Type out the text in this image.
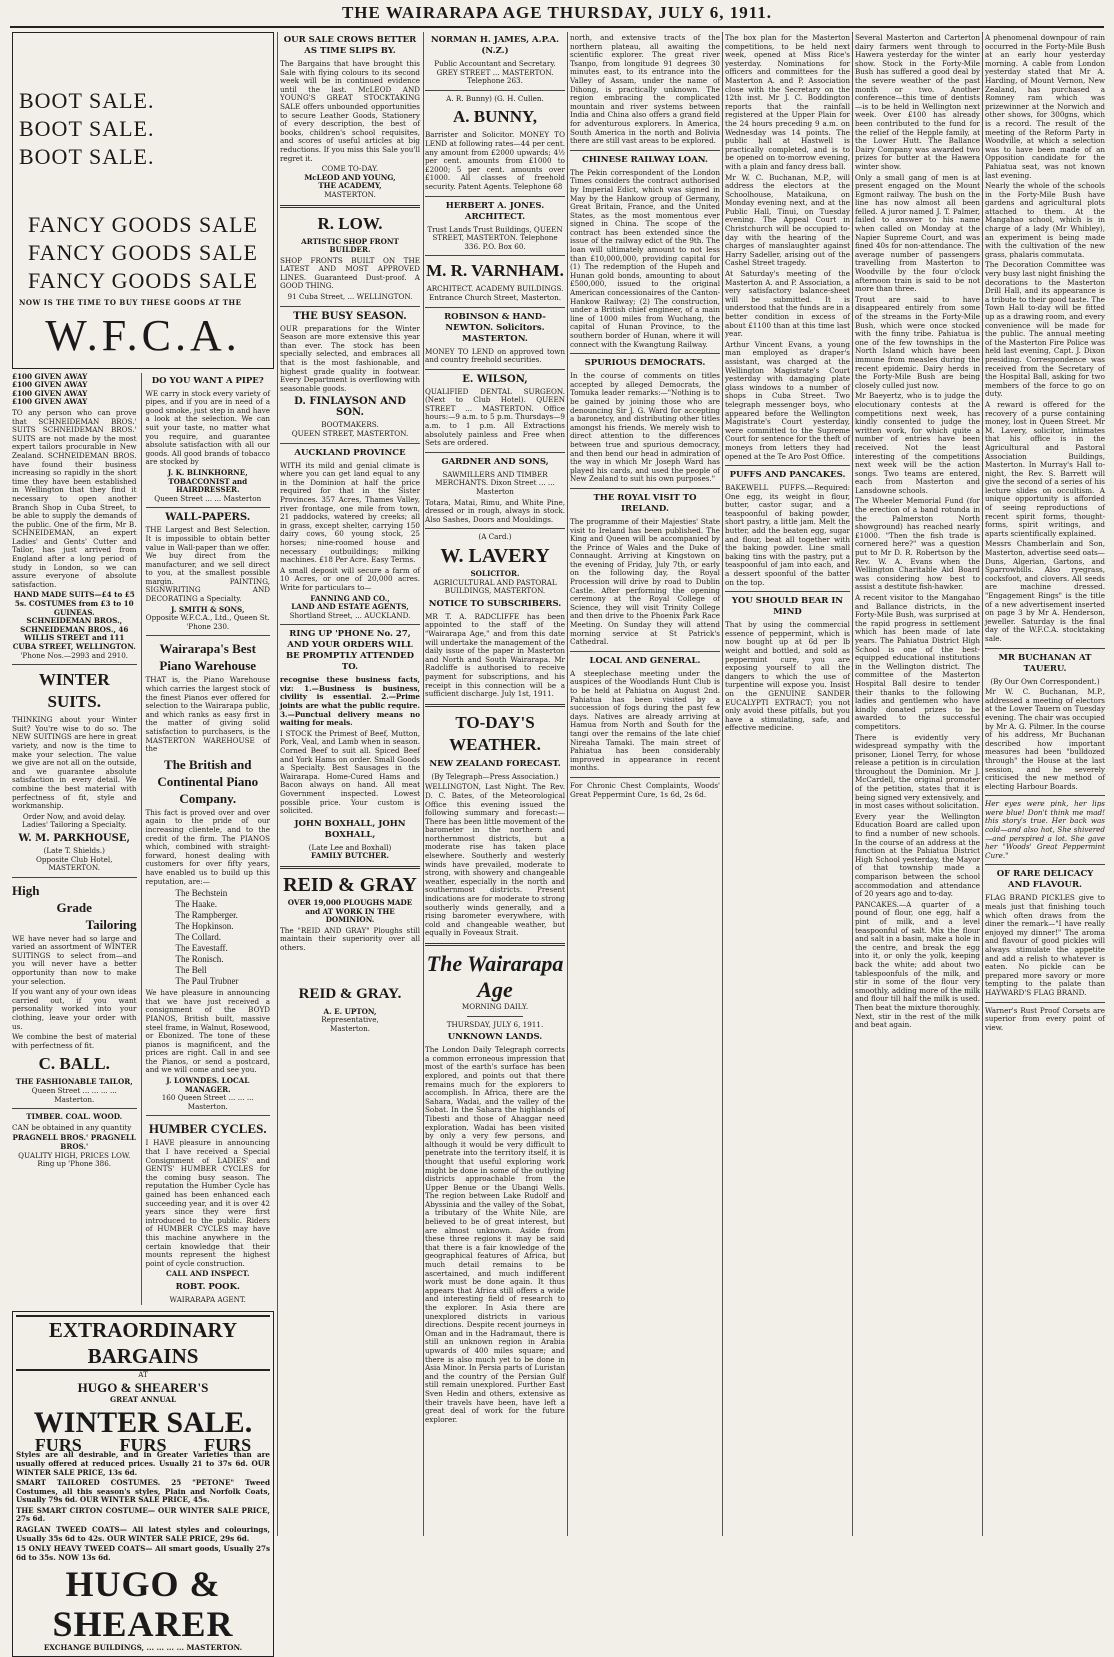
THE WAIRARAPA AGE THURSDAY, JULY 6, 1911.
BOOT SALE.
BOOT SALE.
BOOT SALE.
FANCY GOODS SALE
FANCY GOODS SALE
FANCY GOODS SALE
NOW IS THE TIME TO BUY THESE GOODS AT THE
W.F.C.A.
£100 GIVEN AWAY
£100 GIVEN AWAY
£100 GIVEN AWAY
£100 GIVEN AWAY
TO any person who can prove that SCHNEIDEMAN BROS.' SUITS SCHNEIDEMAN BROS.' SUITS are not made by the most expert tailors procurable in New Zealand. SCHNEIDEMAN BROS. have found their business increasing so rapidly in the short time they have been established in Wellington that they find it necessary to open another Branch Shop in Cuba Street, to be able to supply the demands of the public. One of the firm, Mr B. SCHNEIDEMAN, an expert Ladies' and Gents' Cutter and Tailor, has just arrived from England after a long period of study in London, so we can assure everyone of absolute satisfaction.
HAND MADE SUITS—£4 to £5 5s. COSTUMES from £3 to 10 GUINEAS.
SCHNEIDEMAN BROS., SCHNEIDEMAN BROS., 46 WILLIS STREET and 111 CUBA STREET, WELLINGTON.
'Phone Nos.—2993 and 2910.
WINTER SUITS.
THINKING about your Winter Suit? You're wise to do so. The NEW SUITINGS are here in great variety, and now is the time to make your selection. The value we give are not all on the outside, and we guarantee absolute satisfaction in every detail. We combine the best material with perfectness of fit, style and workmanship.
Order Now, and avoid delay.
Ladies' Tailoring a Specialty.
W. M. PARKHOUSE,
(Late T. Shields.)
Opposite Club Hotel, MASTERTON.
High
Grade
Tailoring
WE have never had so large and varied an assortment of WINTER SUITINGS to select from—and you will never have a better opportunity than now to make your selection.
If you want any of your own ideas carried out, if you want personality worked into your clothing, leave your order with us.
We combine the best of material with perfectness of fit.
C. BALL.
THE FASHIONABLE TAILOR,
Queen Street ... ... ... ... Masterton.
TIMBER. COAL. WOOD.
CAN be obtained in any quantity
PRAGNELL BROS.' PRAGNELL BROS.'
QUALITY HIGH, PRICES LOW.
Ring up 'Phone 386.
DO YOU WANT A PIPE?
WE carry in stock every variety of pipes, and if you are in need of a good smoke, just step in and have a look at the selection. We can suit your taste, no matter what you require, and guarantee absolute satisfaction with all our goods. All good brands of tobacco are stocked by
J. K. BLINKHORNE, TOBACCONIST and HAIRDRESSER.
Queen Street ... ... Masterton
WALL-PAPERS.
THE Largest and Best Selection. It is impossible to obtain better value in Wall-paper than we offer. We buy direct from the manufacturer, and we sell direct to you, at the smallest possible margin. PAINTING, SIGNWRITING AND DECORATING a Specialty.
J. SMITH & SONS,
Opposite W.F.C.A., Ltd., Queen St. 'Phone 230.
Wairarapa's Best Piano Warehouse
THAT is, the Piano Warehouse which carries the largest stock of the finest Pianos ever offered for selection to the Wairarapa public, and which ranks as easy first in the matter of giving solid satisfaction to purchasers, is the MASTERTON WAREHOUSE of the
The British and Continental Piano Company.
This fact is proved over and over again to the pride of our increasing clientele, and to the credit of the firm. The PIANOS which, combined with straight-forward, honest dealing with customers for over fifty years, have enabled us to build up this reputation, are:—
The Bechstein
The Haake.
The Rampberger.
The Hopkinson.
The Collard.
The Eavestaff.
The Ronisch.
The Bell
The Paul Trubner
We have pleasure in announcing that we have just received a consignment of the BOYD PIANOS, British built, massive steel frame, in Walnut, Rosewood, or Ebonized. The tone of these pianos is magnificent, and the prices are right. Call in and see the Pianos, or send a postcard, and we will come and see you.
J. LOWNDES. LOCAL MANAGER.
160 Queen Street ... ... ... Masterton.
HUMBER CYCLES.
I HAVE pleasure in announcing that I have received a Special Consignment of LADIES' and GENTS' HUMBER CYCLES for the coming busy season. The reputation the Humber Cycle has gained has been enhanced each succeeding year, and it is over 42 years since they were first introduced to the public. Riders of HUMBER CYCLES may have this machine anywhere in the certain knowledge that their mounts represent the highest point of cycle construction.
CALL AND INSPECT.
ROBT. POOK.
WAIRARAPA AGENT.
EXTRAORDINARY BARGAINS
AT
HUGO & SHEARER'S
GREAT ANNUAL
WINTER SALE.
FURS FURS FURS
Styles are all desirable, and in Greater Varieties than are usually offered at reduced prices. Usually 21 to 37s 6d. OUR WINTER SALE PRICE, 13s 6d.
SMART TAILORED COSTUMES. 25 "PETONE" Tweed Costumes, all this season's styles, Plain and Norfolk Coats, Usually 79s 6d. OUR WINTER SALE PRICE, 45s.
THE SMART CIRTON COSTUME— OUR WINTER SALE PRICE, 27s 6d.
RAGLAN TWEED COATS— All latest styles and colourings, Usually 35s 6d to 42s. OUR WINTER SALE PRICE, 29s 6d.
15 ONLY HEAVY TWEED COATS— All smart goods, Usually 27s 6d to 35s. NOW 13s 6d.
HUGO & SHEARER
EXCHANGE BUILDINGS, ... ... ... ... MASTERTON.
OUR SALE CROWS BETTER AS TIME SLIPS BY.
The Bargains that have brought this Sale with flying colours to its second week will be in continued evidence until the last. McLEOD AND YOUNG'S GREAT STOCKTAKING SALE offers unbounded opportunities to secure Leather Goods, Stationery of every description, the best of books, children's school requisites, and scores of useful articles at big reductions. If you miss this Sale you'll regret it.
COME TO-DAY.
McLEOD AND YOUNG,
THE ACADEMY,
MASTERTON.
R. LOW.
ARTISTIC SHOP FRONT BUILDER.
SHOP FRONTS BUILT ON THE LATEST AND MOST APPROVED LINES. Guaranteed Dust-proof. A GOOD THING.
91 Cuba Street, ... WELLINGTON.
THE BUSY SEASON.
OUR preparations for the Winter Season are more extensive this year than ever. The stock has been specially selected, and embraces all that is the most fashionable, and highest grade quality in footwear. Every Department is overflowing with seasonable goods.
D. FINLAYSON AND SON.
BOOTMAKERS.
QUEEN STREET, MASTERTON.
AUCKLAND PROVINCE
WITH its mild and genial climate is where you can get land equal to any in the Dominion at half the price required for that in the Sister Provinces. 357 Acres, Thames Valley, river frontage, one mile from town, 21 paddocks, watered by creeks; all in grass, except shelter, carrying 150 dairy cows, 60 young stock, 25 horses; nine-roomed house and necessary outbuildings; milking machines. £18 Per Acre. Easy Terms.
A small deposit will secure a farm of 10 Acres, or one of 20,000 acres. Write for particulars to—
FANNING AND CO.,
LAND AND ESTATE AGENTS,
Shortland Street, ... AUCKLAND.
RING UP 'PHONE No. 27, AND YOUR ORDERS WILL BE PROMPTLY ATTENDED TO.
recognise these business facts, viz: 1.—Business is business, civility is essential. 2.—Prime joints are what the public require. 3.—Punctual delivery means no waiting for meals.
I STOCK the Primest of Beef, Mutton, Pork, Veal, and Lamb when in season. Corned Beef to suit all. Spiced Beef and York Hams on order. Small Goods a Specialty. Best Sausages in the Wairarapa. Home-Cured Hams and Bacon always on hand. All meat Government inspected. Lowest possible price. Your custom is solicited.
JOHN BOXHALL, JOHN BOXHALL,
(Late Lee and Boxhall)
FAMILY BUTCHER.
REID & GRAY
OVER 19,000 PLOUGHS MADE and AT WORK IN THE DOMINION.
The "REID AND GRAY" Ploughs still maintain their superiority over all others.
REID & GRAY.
A. E. UPTON,
Representative,
Masterton.
NORMAN H. JAMES, A.P.A. (N.Z.)
Public Accountant and Secretary. GREY STREET ... MASTERTON. Telephone 263.
A. R. Bunny) (G. H. Cullen.
A. BUNNY,
Barrister and Solicitor. MONEY TO LEND at following rates—44 per cent. any amount from £2000 upwards; 4½ per cent. amounts from £1000 to £2000; 5 per cent. amounts over £1000. All classes of freehold security. Patent Agents. Telephone 68
HERBERT A. JONES. ARCHITECT.
Trust Lands Trust Buildings, QUEEN STREET, MASTERTON. Telephone 336. P.O. Box 60.
M. R. VARNHAM.
ARCHITECT. ACADEMY BUILDINGS. Entrance Church Street, Masterton.
ROBINSON & HAND-NEWTON. Solicitors. MASTERTON.
MONEY TO LEND on approved town and country freehold securities.
E. WILSON,
QUALIFIED DENTAL SURGEON. (Next to Club Hotel). QUEEN STREET ... MASTERTON. Office hours:—9 a.m. to 5 p.m. Thursdays—9 a.m. to 1 p.m. All Extractions absolutely painless and Free when Sets are ordered.
GARDNER AND SONS,
SAWMILLERS AND TIMBER MERCHANTS. Dixon Street ... ... Masterton
Totara, Matai, Rimu, and White Pine, dressed or in rough, always in stock. Also Sashes, Doors and Mouldings.
(A Card.)
W. LAVERY
SOLICITOR.
AGRICULTURAL AND PASTORAL BUILDINGS, MASTERTON.
NOTICE TO SUBSCRIBERS.
MR T. A. RADCLIFFE has been appointed to the staff of the "Wairarapa Age," and from this date will undertake the management of the daily issue of the paper in Masterton and North and South Wairarapa. Mr Radcliffe is authorised to receive payment for subscriptions, and his receipt in this connection will be a sufficient discharge. July 1st, 1911.
TO-DAY'S WEATHER.
NEW ZEALAND FORECAST.
(By Telegraph—Press Association.)
WELLINGTON, Last Night. The Rev. D. C. Bates, of the Meteorological Office this evening issued the following summary and forecast:— There has been little movement of the barometer in the northern and northernmost districts, but a moderate rise has taken place elsewhere. Southerly and westerly winds have prevailed, moderate to strong, with showery and changeable weather, especially in the north and southernmost districts. Present indications are for moderate to strong southerly winds generally, and a rising barometer everywhere, with cold and changeable weather, but equally in Foveaux Strait.
The Wairarapa Age
MORNING DAILY.
THURSDAY, JULY 6, 1911.
UNKNOWN LANDS.
The London Daily Telegraph corrects a common erroneous impression that most of the earth's surface has been explored, and points out that there remains much for the explorers to accomplish. In Africa, there are the Sahara, Wadai, and the valley of the Sobat. In the Sahara the highlands of Tibesti and those of Ahaggar need exploration. Wadai has been visited by only a very few persons, and although it would be very difficult to penetrate into the territory itself, it is thought that useful exploring work might be done in some of the outlying districts approachable from the Upper Benue or the Ubangi Wells. The region between Lake Rudolf and Abyssinia and the valley of the Sobat, a tributary of the White Nile, are believed to be of great interest, but are almost unknown. Aside from these three regions it may be said that there is a fair knowledge of the geographical features of Africa, but much detail remains to be ascertained, and much indifferent work must be done again. It thus appears that Africa still offers a wide and interesting field of research to the explorer. In Asia there are unexplored districts in various directions. Despite recent journeys in Oman and in the Hadramaut, there is still an unknown region in Arabia upwards of 400 miles square; and there is also much yet to be done in Asia Minor. In Persia parts of Luristan and the country of the Persian Gulf still remain unexplored. Further East Sven Hedin and others, extensive as their travels have been, have left a great deal of work for the future explorer.
north, and extensive tracts of the northern plateau, all awaiting the scientific explorer. The great river Tsanpo, from longitude 91 degrees 30 minutes east, to its entrance into the Valley of Assam, under the name of Dihong, is practically unknown. The region embracing the complicated mountain and river systems between India and China also offers a grand field for adventurous explorers. In America, South America in the north and Bolivia there are still vast areas to be explored.
CHINESE RAILWAY LOAN.
The Pekin correspondent of the London Times considers the contract authorised by Imperial Edict, which was signed in May by the Hankow group of Germany, Great Britain, France, and the United States, as the most momentous ever signed in China. The scope of the contract has been extended since the issue of the railway edict of the 9th. The loan will ultimately amount to not less than £10,000,000, providing capital for (1) The redemption of the Hupeh and Hunan gold bonds, amounting to about £500,000, issued to the original American concessionaires of the Canton-Hankow Railway; (2) The construction, under a British chief engineer, of a main line of 1000 miles from Wuchang, the capital of Hunan Province, to the southern border of Hunan, where it will connect with the Kwangtung Railway.
SPURIOUS DEMOCRATS.
In the course of comments on titles accepted by alleged Democrats, the Tomuka leader remarks:—"Nothing is to be gained by joining those who are denouncing Sir J. G. Ward for accepting a baronetcy, and distributing other titles amongst his friends. We merely wish to direct attention to the differences between true and spurious democracy, and then bend our head in admiration of the way in which Mr Joseph Ward has played his cards, and used the people of New Zealand to suit his own purposes."
THE ROYAL VISIT TO IRELAND.
The programme of their Majesties' State visit to Ireland has been published. The King and Queen will be accompanied by the Prince of Wales and the Duke of Connaught. Arriving at Kingstown on the evening of Friday, July 7th, or early on the following day, the Royal Procession will drive by road to Dublin Castle. After performing the opening ceremony at the Royal College of Science, they will visit Trinity College and then drive to the Phoenix Park Race Meeting. On Sunday they will attend morning service at St Patrick's Cathedral.
LOCAL AND GENERAL.
A steeplechase meeting under the auspices of the Woodlands Hunt Club is to be held at Pahiatua on August 2nd. Pahiatua has been visited by a succession of fogs during the past few days. Natives are already arriving at Hamua from North and South for the tangi over the remains of the late chief Nireaha Tamaki. The main street of Pahiatua has been considerably improved in appearance in recent months.
For Chronic Chest Complaints, Woods' Great Peppermint Cure, 1s 6d, 2s 6d.
The box plan for the Masterton competitions, to be held next week, opened at Miss Rice's yesterday. Nominations for officers and committees for the Masterton A. and P. Association close with the Secretary on the 12th inst. Mr J. C. Boddington reports that the rainfall registered at the Upper Plain for the 24 hours preceding 9 a.m. on Wednesday was 14 points. The public hall at Hastwell is practically completed, and is to be opened on to-morrow evening, with a plain and fancy dress ball.
Mr W. C. Buchanan, M.P., will address the electors at the Schoolhouse, Mataikuna, on Monday evening next, and at the Public Hall, Tinui, on Tuesday evening. The Appeal Court in Christchurch will be occupied to-day with the hearing of the charges of manslaughter against Harry Sadeller, arising out of the Cashel Street tragedy.
At Saturday's meeting of the Masterton A. and P. Association, a very satisfactory balance-sheet will be submitted. It is understood that the funds are in a better condition in excess of about £1100 than at this time last year.
Arthur Vincent Evans, a young man employed as draper's assistant, was charged at the Wellington Magistrate's Court yesterday with damaging plate glass windows to a number of shops in Cuba Street. Two telegraph messenger boys, who appeared before the Wellington Magistrate's Court yesterday, were committed to the Supreme Court for sentence for the theft of moneys from letters they had opened at the Te Aro Post Office.
PUFFS AND PANCAKES.
BAKEWELL PUFFS.—Required: One egg, its weight in flour, butter, castor sugar, and a teaspoonful of baking powder, short pastry, a little jam. Melt the butter, add the beaten egg, sugar and flour, beat all together with the baking powder. Line small baking tins with the pastry, put a teaspoonful of jam into each, and a dessert spoonful of the batter on the top.
YOU SHOULD BEAR IN MIND
That by using the commercial essence of peppermint, which is now bought up at 6d per lb weight and bottled, and sold as peppermint cure, you are exposing yourself to all the dangers to which the use of turpentine will expose you. Insist on the GENUINE SANDER EUCALYPTI EXTRACT; you not only avoid these pitfalls, but you have a stimulating, safe, and effective medicine.
Several Masterton and Carterton dairy farmers went through to Hawera yesterday for the winter show. Stock in the Forty-Mile Bush has suffered a good deal by the severe weather of the past month or two. Another conference—this time of dentists—is to be held in Wellington next week. Over £100 has already been contributed to the fund for the relief of the Hepple family, at the Lower Hutt. The Ballance Dairy Company was awarded two prizes for butter at the Hawera winter show.
Only a small gang of men is at present engaged on the Mount Egmont railway. The bush on the line has now almost all been felled. A juror named J. T. Palmer, failed to answer to his name when called on Monday at the Napier Supreme Court, and was fined 40s for non-attendance. The average number of passengers travelling from Masterton to Woodville by the four o'clock afternoon train is said to be not more than three.
Trout are said to have disappeared entirely from some of the streams in the Forty-Mile Bush, which were once stocked with the finny tribe. Pahiatua is one of the few townships in the North Island which have been immune from measles during the recent epidemic. Dairy herds in the Forty-Mile Bush are being closely culled just now.
Mr Baeyertz, who is to judge the elocutionary contests at the competitions next week, has kindly consented to judge the written work, for which quite a number of entries have been received. Not the least interesting of the competitions next week will be the action songs. Two teams are entered, each from Masterton and Lansdowne schools.
The Wheeler Memorial Fund (for the erection of a band rotunda in the Palmerston North showground) has reached nearly £1000. "Then the fish trade is cornered here?" was a question put to Mr D. R. Robertson by the Rev. W. A. Evans when the Wellington Charitable Aid Board was considering how best to assist a destitute fish-hawker.
A recent visitor to the Mangahao and Ballance districts, in the Forty-Mile Bush, was surprised at the rapid progress in settlement which has been made of late years. The Pahiatua District High School is one of the best-equipped educational institutions in the Wellington district. The committee of the Masterton Hospital Ball desire to tender their thanks to the following ladies and gentlemen who have kindly donated prizes to be awarded to the successful competitors.
There is evidently very widespread sympathy with the prisoner, Lionel Terry, for whose release a petition is in circulation throughout the Dominion. Mr J. McCardell, the original promoter of the petition, states that it is being signed very extensively, and in most cases without solicitation.
Every year the Wellington Education Board are called upon to find a number of new schools. In the course of an address at the function at the Pahiatua District High School yesterday, the Mayor of that township made a comparison between the school accommodation and attendance of 20 years ago and to-day.
PANCAKES.—A quarter of a pound of flour, one egg, half a pint of milk, and a level teaspoonful of salt. Mix the flour and salt in a basin, make a hole in the centre, and break the egg into it, or only the yolk, keeping back the white; add about two tablespoonfuls of the milk, and stir in some of the flour very smoothly, adding more of the milk and flour till half the milk is used. Then beat the mixture thoroughly. Next, stir in the rest of the milk and beat again.
A phenomenal downpour of rain occurred in the Forty-Mile Bush at an early hour yesterday morning. A cable from London yesterday stated that Mr A. Harding, of Mount Vernon, New Zealand, has purchased a Romney ram which was prizewinner at the Norwich and other shows, for 300gns, which is a record. The result of the meeting of the Reform Party in Woodville, at which a selection was to have been made of an Opposition candidate for the Pahiatua seat, was not known last evening.
Nearly the whole of the schools in the Forty-Mile Bush have gardens and agricultural plots attached to them. At the Mangahao school, which is in charge of a lady (Mr Whibley), an experiment is being made with the cultivation of the new grass, phalaris commutata.
The Decoration Committee was very busy last night finishing the decorations to the Masterton Drill Hall, and its appearance is a tribute to their good taste. The Town Hall to-day will be fitted up as a drawing room, and every convenience will be made for the public. The annual meeting of the Masterton Fire Police was held last evening, Capt. J. Dixon presiding. Correspondence was received from the Secretary of the Hospital Ball, asking for two members of the force to go on duty.
A reward is offered for the recovery of a purse containing money, lost in Queen Street. Mr M. Lavery, solicitor, intimates that his office is in the Agricultural and Pastoral Association Buildings, Masterton. In Murray's Hall to-night, the Rev. S. Barrett will give the second of a series of his lecture slides on occultism. A unique opportunity is afforded of seeing reproductions of recent spirit forms, thought-forms, spirit writings, and aparts scientifically explained.
Messrs Chamberlain and Son, Masterton, advertise seed oats—Duns, Algerian, Gartons, and Sparrowbills. Also ryegrass, cocksfoot, and clovers. All seeds are machine dressed. "Engagement Rings" is the title of a new advertisement inserted on page 3 by Mr A. Henderson, jeweller. Saturday is the final day of the W.F.C.A. stocktaking sale.
MR BUCHANAN AT TAUERU.
(By Our Own Correspondent.)
Mr W. C. Buchanan, M.P., addressed a meeting of electors at the Lower Tauern on Tuesday evening. The chair was occupied by Mr A. G. Pilmer. In the course of his address, Mr Buchanan described how important measures had been "bulldozed through" the House at the last session, and he severely criticised the new method of electing Harbour Boards.
Her eyes were pink, her lips were blue! Don't think me mad! this story's true. Her back was cold—and also hot, She shivered—and perspired a lot. She gave her "Woods' Great Peppermint Cure."
OF RARE DELICACY AND FLAVOUR.
FLAG BRAND PICKLES give to meals just that finishing touch which often draws from the diner the remark—"I have really enjoyed my dinner!" The aroma and flavour of good pickles will always stimulate the appetite and add a relish to whatever is eaten. No pickle can be prepared more savory or more tempting to the palate than HAYWARD'S FLAG BRAND.
Warner's Rust Proof Corsets are superior from every point of view.
